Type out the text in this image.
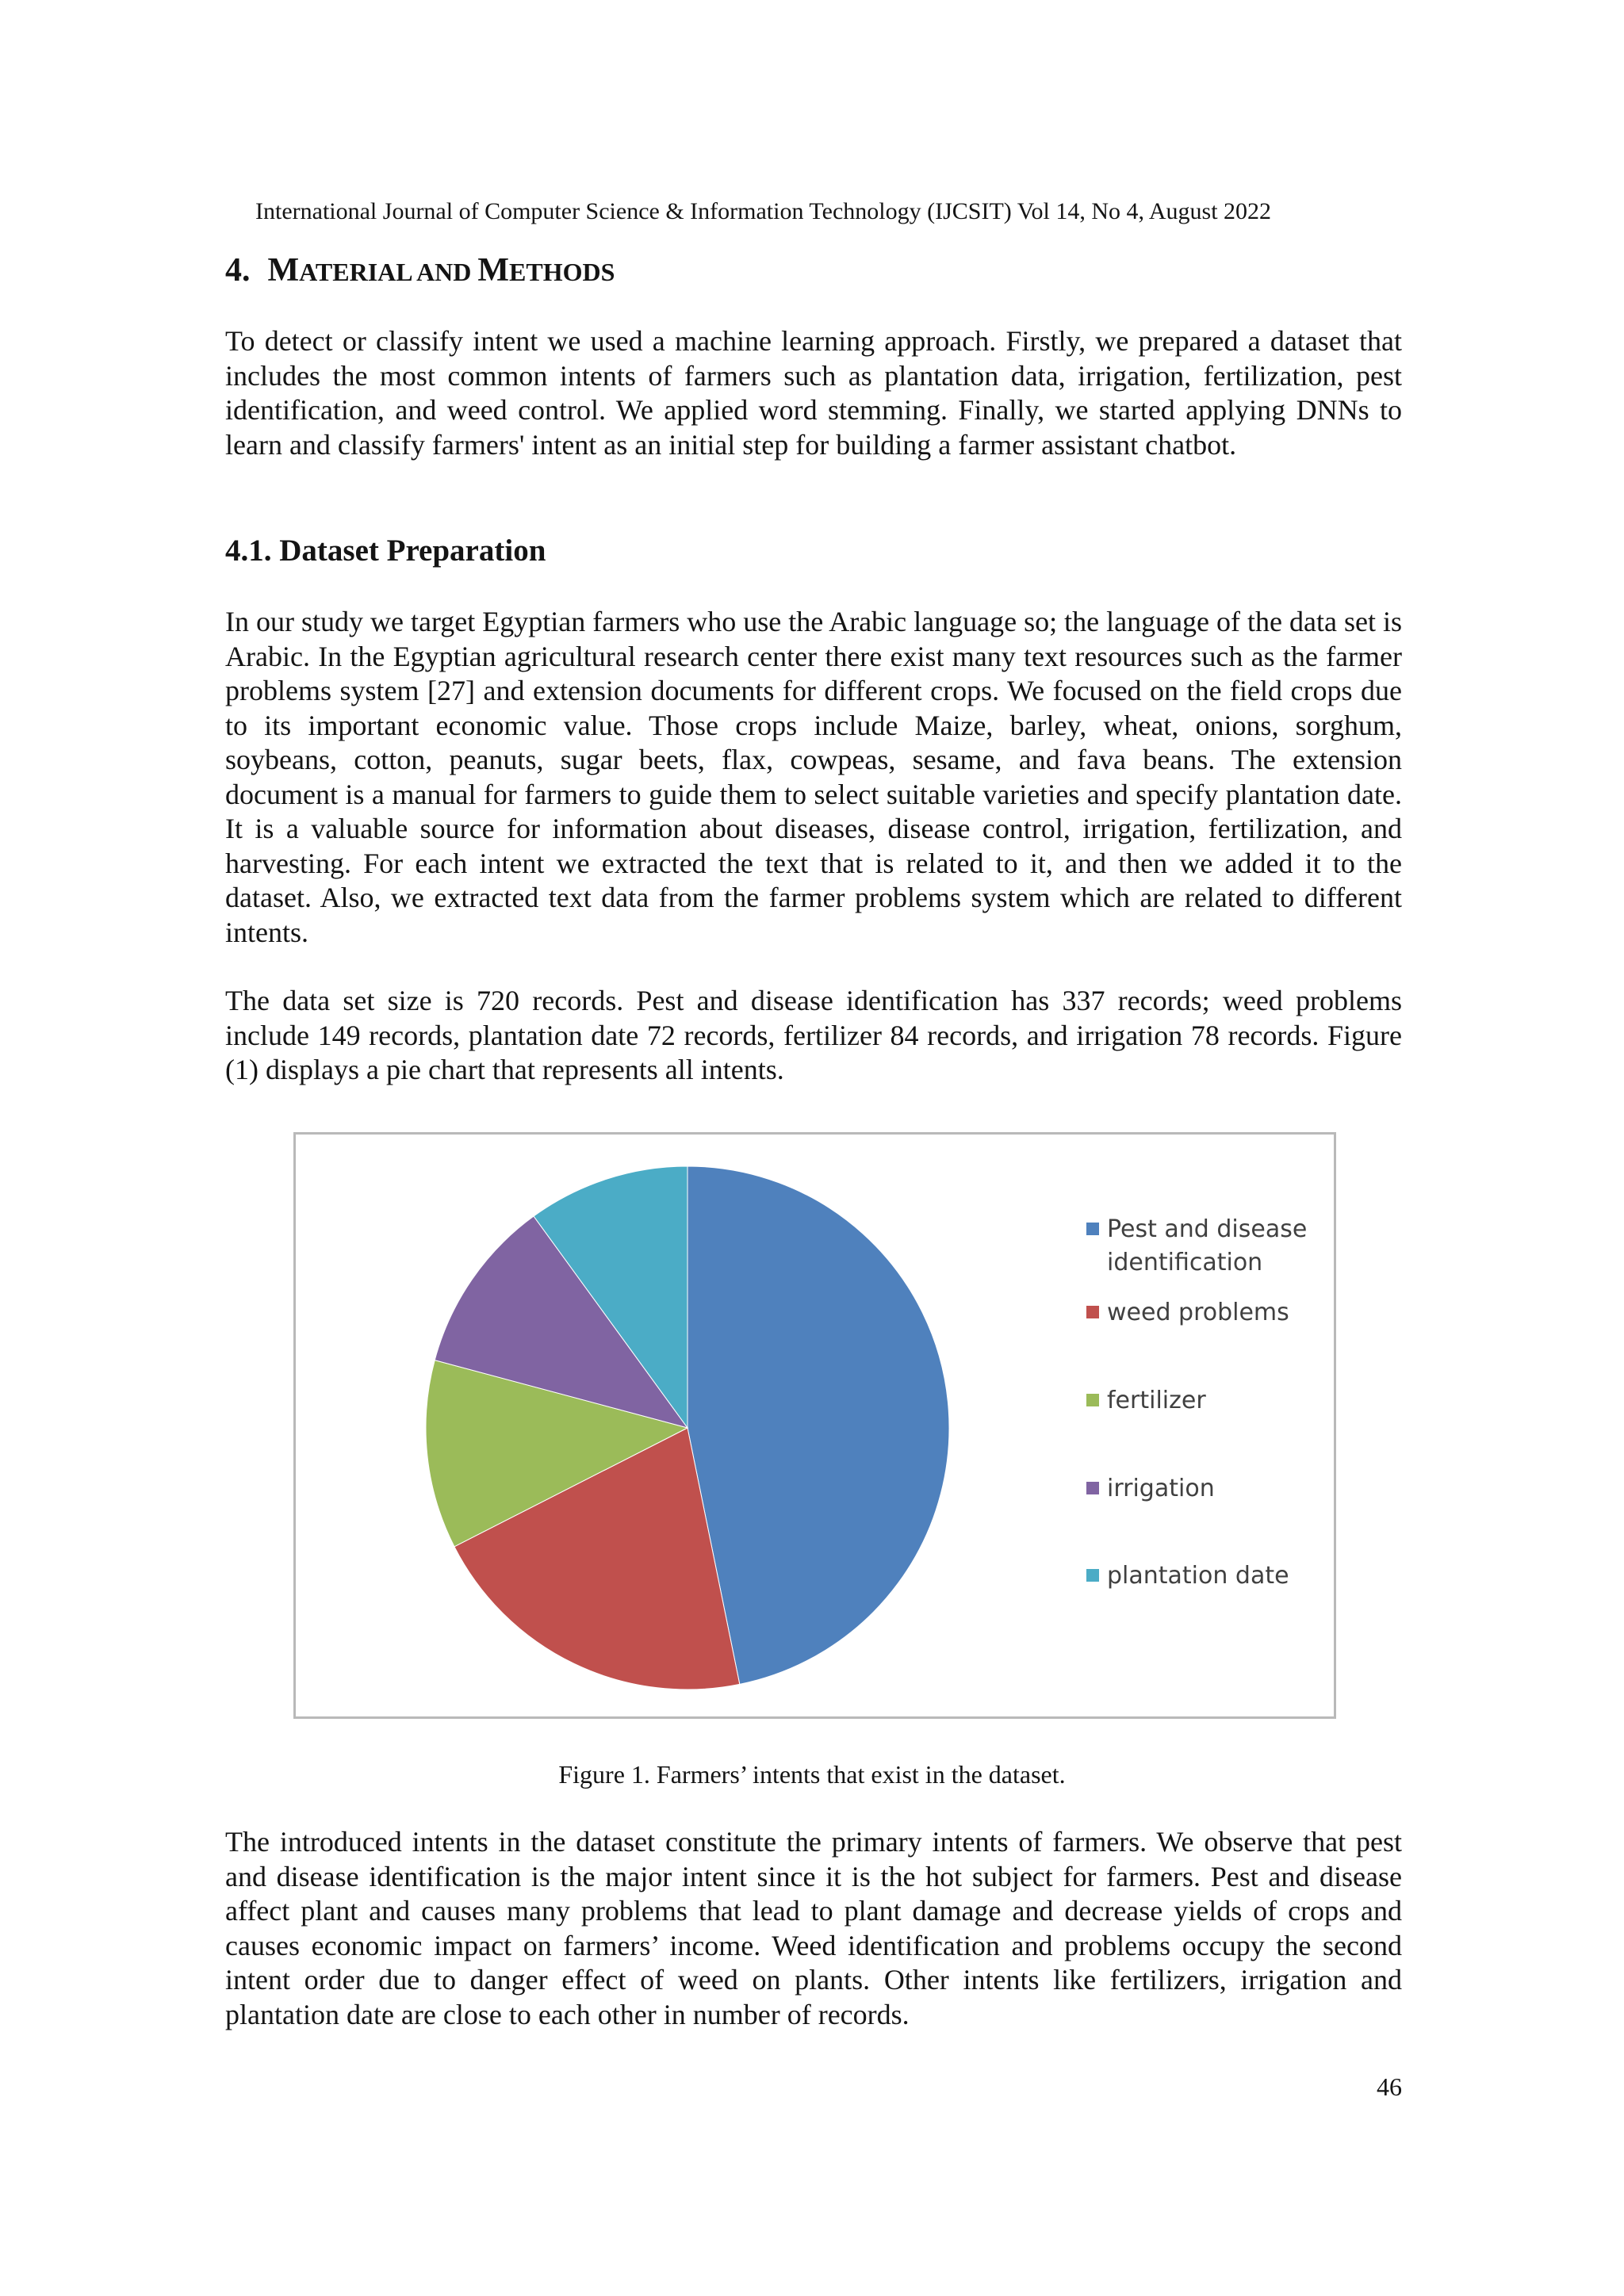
International Journal of Computer Science & Information Technology (IJCSIT) Vol 14, No 4, August 2022
4. MATERIAL AND METHODS

To detect or classify intent we used a machine learning approach. Firstly, we prepared a dataset that includes the most common intents of farmers such as plantation data, irrigation, fertilization, pest identification, and weed control. We applied word stemming. Finally, we started applying DNNs to learn and classify farmers' intent as an initial step for building a farmer assistant chatbot.

4.1. Dataset Preparation

In our study we target Egyptian farmers who use the Arabic language so; the language of the data set is Arabic. In the Egyptian agricultural research center there exist many text resources such as the farmer problems system [27] and extension documents for different crops. We focused on the field crops due to its important economic value. Those crops include Maize, barley, wheat, onions, sorghum, soybeans, cotton, peanuts, sugar beets, flax, cowpeas, sesame, and fava beans. The extension document is a manual for farmers to guide them to select suitable varieties and specify plantation date. It is a valuable source for information about diseases, disease control, irrigation, fertilization, and harvesting. For each intent we extracted the text that is related to it, and then we added it to the dataset. Also, we extracted text data from the farmer problems system which are related to different intents.

The data set size is 720 records. Pest and disease identification has 337 records; weed problems include 149 records, plantation date 72 records, fertilizer 84 records, and irrigation 78 records. Figure (1) displays a pie chart that represents all intents.

Pest and disease identification
weed problems
fertilizer
irrigation
plantation date
Figure 1. Farmers’ intents that exist in the dataset.

The introduced intents in the dataset constitute the primary intents of farmers. We observe that pest and disease identification is the major intent since it is the hot subject for farmers. Pest and disease affect plant and causes many problems that lead to plant damage and decrease yields of crops and causes economic impact on farmers’ income. Weed identification and problems occupy the second intent order due to danger effect of weed on plants. Other intents like fertilizers, irrigation and plantation date are close to each other in number of records.

46
